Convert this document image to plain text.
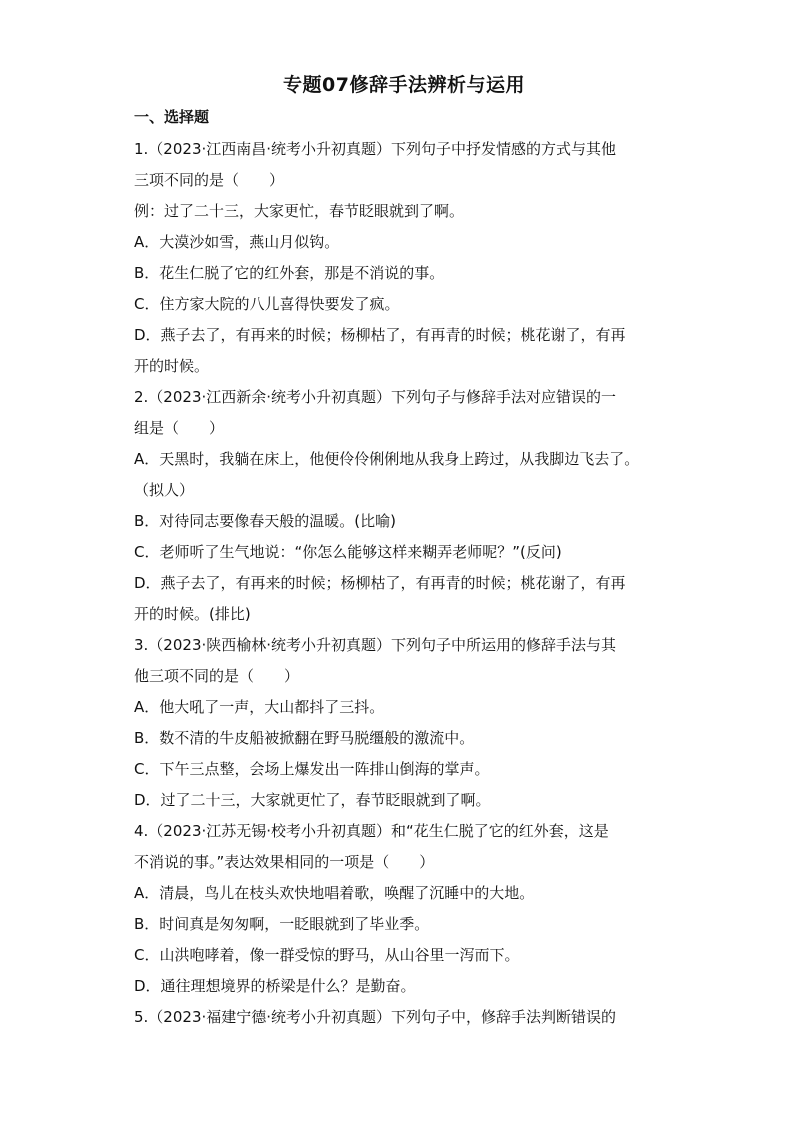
专题07修辞手法辨析与运用
一、选择题
1.（2023·江西南昌·统考小升初真题）下列句子中抒发情感的方式与其他
三项不同的是（　　）
例：过了二十三，大家更忙，春节眨眼就到了啊。
A．大漠沙如雪，燕山月似钩。
B．花生仁脱了它的红外套，那是不消说的事。
C．住方家大院的八儿喜得快要发了疯。
D．燕子去了，有再来的时候；杨柳枯了，有再青的时候；桃花谢了，有再
开的时候。
2.（2023·江西新余·统考小升初真题）下列句子与修辞手法对应错误的一
组是（　　）
A．天黑时，我躺在床上，他便伶伶俐俐地从我身上跨过，从我脚边飞去了。
（拟人）
B．对待同志要像春天般的温暖。(比喻)
C．老师听了生气地说：“你怎么能够这样来糊弄老师呢？”(反问)
D．燕子去了，有再来的时候；杨柳枯了，有再青的时候；桃花谢了，有再
开的时候。(排比)
3.（2023·陕西榆林·统考小升初真题）下列句子中所运用的修辞手法与其
他三项不同的是（　　）
A．他大吼了一声，大山都抖了三抖。
B．数不清的牛皮船被掀翻在野马脱缰般的激流中。
C．下午三点整，会场上爆发出一阵排山倒海的掌声。
D．过了二十三，大家就更忙了，春节眨眼就到了啊。
4.（2023·江苏无锡·校考小升初真题）和“花生仁脱了它的红外套，这是
不消说的事。”表达效果相同的一项是（　　）
A．清晨，鸟儿在枝头欢快地唱着歌，唤醒了沉睡中的大地。
B．时间真是匆匆啊，一眨眼就到了毕业季。
C．山洪咆哮着，像一群受惊的野马，从山谷里一泻而下。
D．通往理想境界的桥梁是什么？是勤奋。
5.（2023·福建宁德·统考小升初真题）下列句子中，修辞手法判断错误的
